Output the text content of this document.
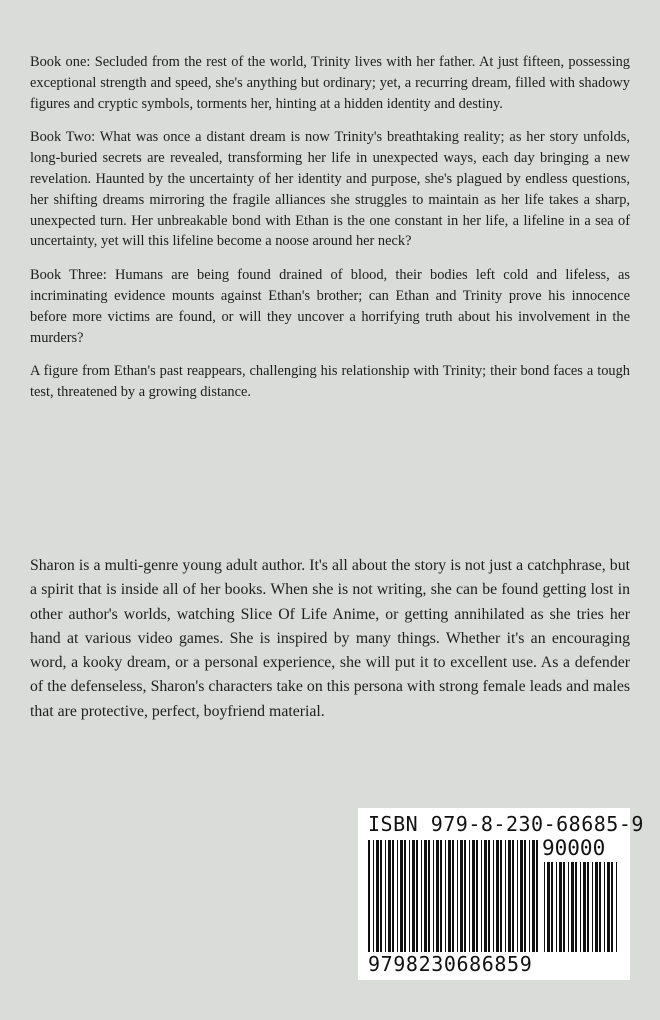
Book one: Secluded from the rest of the world, Trinity lives with her father. At just fifteen, possessing exceptional strength and speed, she's anything but ordinary; yet, a recurring dream, filled with shadowy figures and cryptic symbols, torments her, hinting at a hidden identity and destiny.

Book Two: What was once a distant dream is now Trinity's breathtaking reality; as her story unfolds, long-buried secrets are revealed, transforming her life in unexpected ways, each day bringing a new revelation. Haunted by the uncertainty of her identity and purpose, she's plagued by endless questions, her shifting dreams mirroring the fragile alliances she struggles to maintain as her life takes a sharp, unexpected turn. Her unbreakable bond with Ethan is the one constant in her life, a lifeline in a sea of uncertainty, yet will this lifeline become a noose around her neck?

Book Three: Humans are being found drained of blood, their bodies left cold and lifeless, as incriminating evidence mounts against Ethan's brother; can Ethan and Trinity prove his innocence before more victims are found, or will they uncover a horrifying truth about his involvement in the murders?

A figure from Ethan's past reappears, challenging his relationship with Trinity; their bond faces a tough test, threatened by a growing distance.

Sharon is a multi-genre young adult author. It's all about the story is not just a catchphrase, but a spirit that is inside all of her books. When she is not writing, she can be found getting lost in other author's worlds, watching Slice Of Life Anime, or getting annihilated as she tries her hand at various video games. She is inspired by many things. Whether it's an encouraging word, a kooky dream, or a personal experience, she will put it to excellent use. As a defender of the defenseless, Sharon's characters take on this persona with strong female leads and males that are protective, perfect, boyfriend material.

ISBN 979-8-230-68685-9
90000
9798230686859
